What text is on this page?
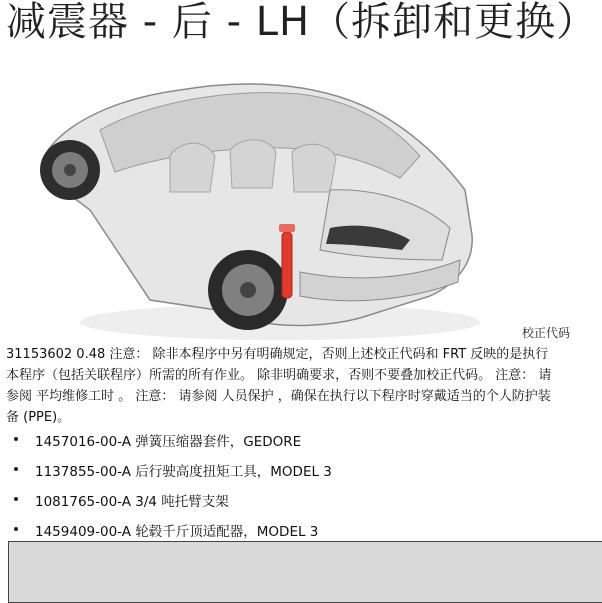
减震器 - 后 - LH（拆卸和更换）
校正代码
31153602 0.48 注意： 除非本程序中另有明确规定，否则上述校正代码和 FRT 反映的是执行
本程序（包括关联程序）所需的所有作业。 除非明确要求，否则不要叠加校正代码。 注意： 请
参阅 平均维修工时 。 注意： 请参阅 人员保护 ，确保在执行以下程序时穿戴适当的个人防护装
备 (PPE)。
1457016-00-A 弹簧压缩器套件，GEDORE
1137855-00-A 后行驶高度扭矩工具，MODEL 3
1081765-00-A 3/4 吨托臂支架
1459409-00-A 轮毂千斤顶适配器，MODEL 3
